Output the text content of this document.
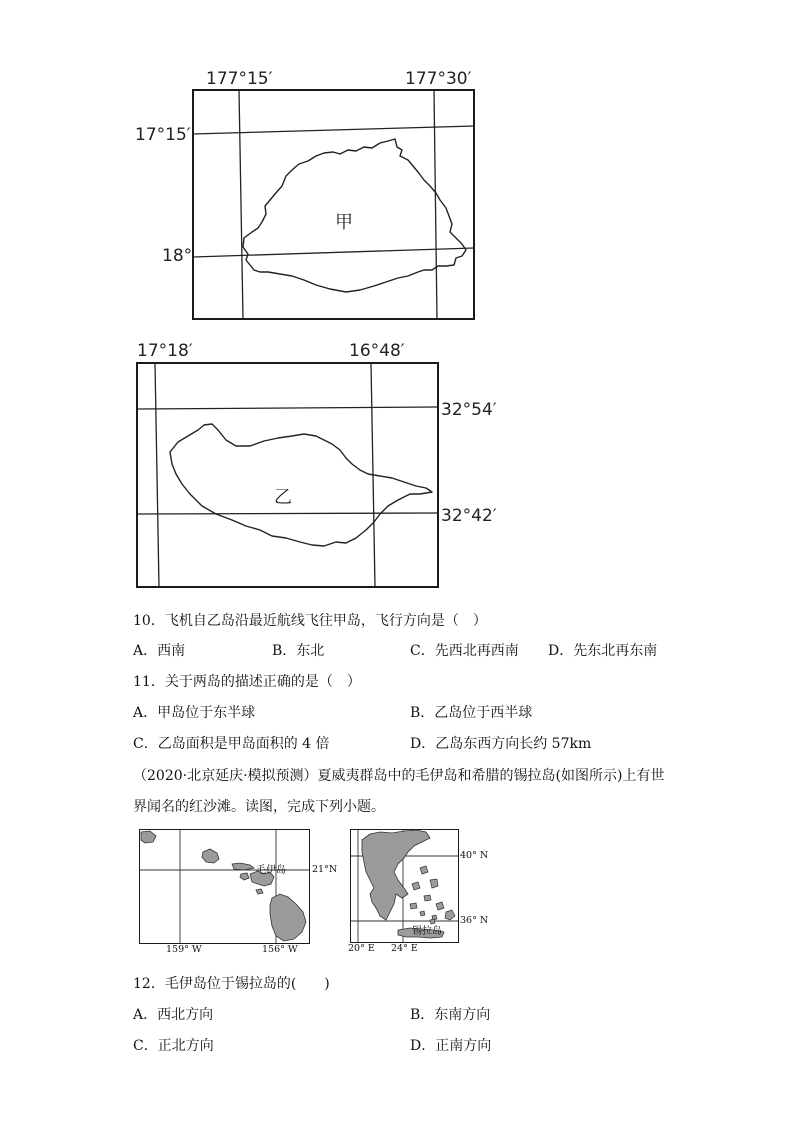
177°15′	177°30′
17°15′
18°
甲
17°18′	16°48′
32°54′
32°42′
乙
10．飞机自乙岛沿最近航线飞往甲岛，飞行方向是（　）
A．西南	B．东北	C．先西北再西南 D．先东北再东南
11．关于两岛的描述正确的是（　）
A．甲岛位于东半球	B．乙岛位于西半球
C．乙岛面积是甲岛面积的 4 倍	D．乙岛东西方向长约 57km
（2020·北京延庆·模拟预测）夏威夷群岛中的毛伊岛和希腊的锡拉岛(如图所示)上有世
界闻名的红沙滩。读图，完成下列小题。
毛伊岛	21°N
159° W	156° W
40° N
36° N
锡拉岛
20° E 24° E
12．毛伊岛位于锡拉岛的(　　)
A．西北方向	B．东南方向
C．正北方向	D．正南方向
